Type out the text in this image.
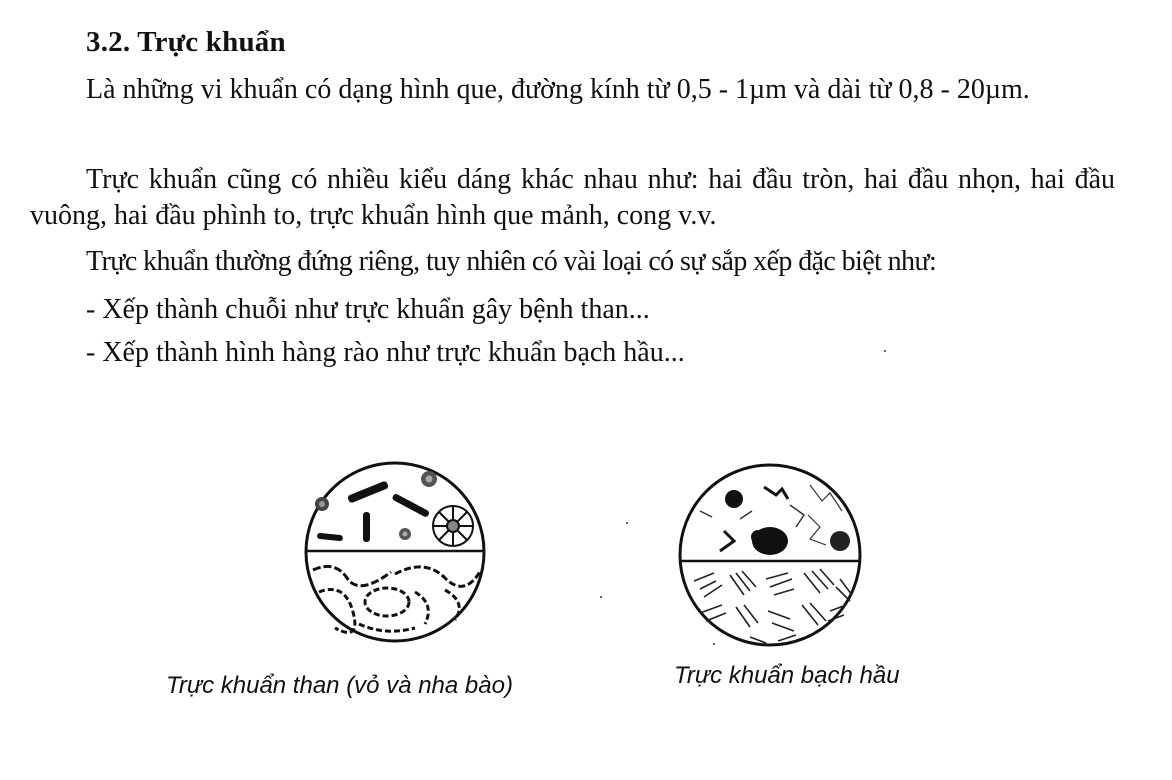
3.2. Trực khuẩn

Là những vi khuẩn có dạng hình que, đường kính từ 0,5 - 1µm và dài từ 0,8 - 20µm.

Trực khuẩn cũng có nhiều kiểu dáng khác nhau như: hai đầu tròn, hai đầu nhọn, hai đầu vuông, hai đầu phình to, trực khuẩn hình que mảnh, cong v.v.

Trực khuẩn thường đứng riêng, tuy nhiên có vài loại có sự sắp xếp đặc biệt như:

- Xếp thành chuỗi như trực khuẩn gây bệnh than...

- Xếp thành hình hàng rào như trực khuẩn bạch hầu...

Trực khuẩn than (vỏ và nha bào)	Trực khuẩn bạch hầu
